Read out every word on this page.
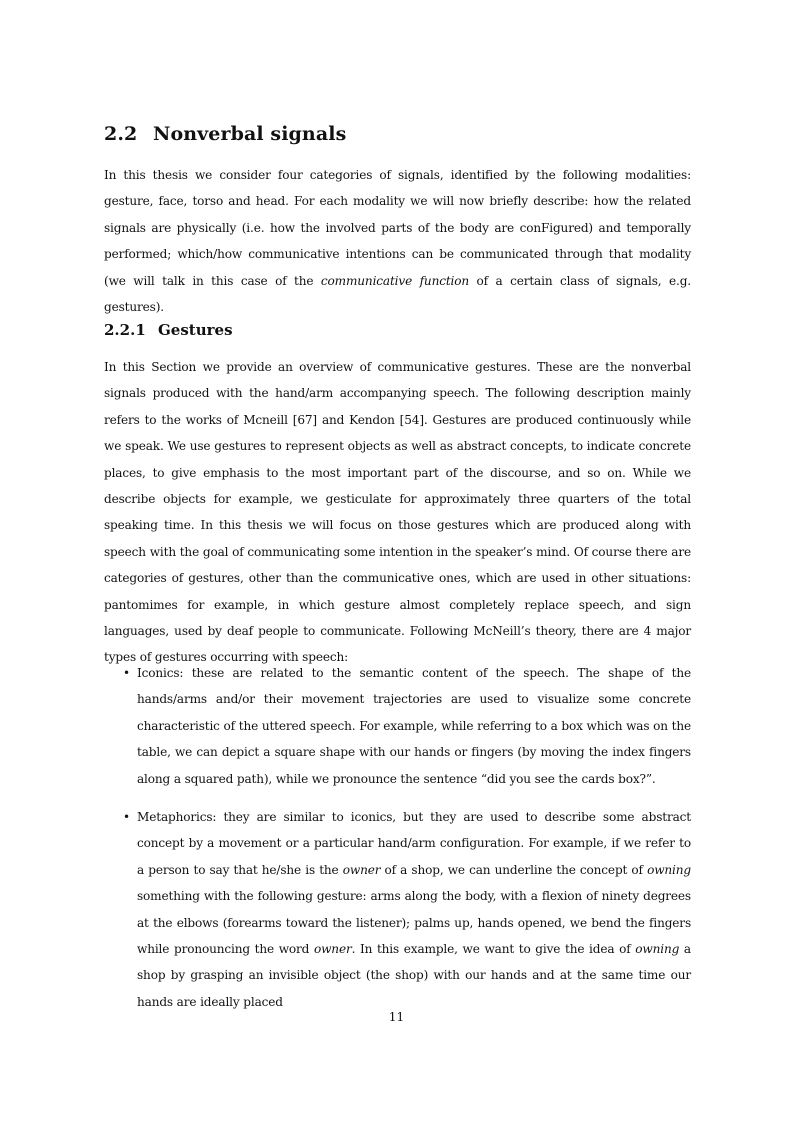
2.2 Nonverbal signals

In this thesis we consider four categories of signals, identified by the following modalities: gesture, face, torso and head. For each modality we will now briefly describe: how the related signals are physically (i.e. how the involved parts of the body are conFigured) and temporally performed; which/how communicative intentions can be communicated through that modality (we will talk in this case of the communicative function of a certain class of signals, e.g. gestures).

2.2.1 Gestures

In this Section we provide an overview of communicative gestures. These are the nonverbal signals produced with the hand/arm accompanying speech. The following description mainly refers to the works of Mcneill [67] and Kendon [54]. Gestures are produced continuously while we speak. We use gestures to represent objects as well as abstract concepts, to indicate concrete places, to give emphasis to the most important part of the discourse, and so on. While we describe objects for example, we gesticulate for approximately three quarters of the total speaking time. In this thesis we will focus on those gestures which are produced along with speech with the goal of communicating some intention in the speaker’s mind. Of course there are categories of gestures, other than the communicative ones, which are used in other situations: pantomimes for example, in which gesture almost completely replace speech, and sign languages, used by deaf people to communicate. Following McNeill’s theory, there are 4 major types of gestures occurring with speech:

• Iconics: these are related to the semantic content of the speech. The shape of the hands/arms and/or their movement trajectories are used to visualize some concrete characteristic of the uttered speech. For example, while referring to a box which was on the table, we can depict a square shape with our hands or fingers (by moving the index fingers along a squared path), while we pronounce the sentence “did you see the cards box?”.
• Metaphorics: they are similar to iconics, but they are used to describe some abstract concept by a movement or a particular hand/arm configuration. For example, if we refer to a person to say that he/she is the owner of a shop, we can underline the concept of owning something with the following gesture: arms along the body, with a flexion of ninety degrees at the elbows (forearms toward the listener); palms up, hands opened, we bend the fingers while pronouncing the word owner. In this example, we want to give the idea of owning a shop by grasping an invisible object (the shop) with our hands and at the same time our hands are ideally placed

11
